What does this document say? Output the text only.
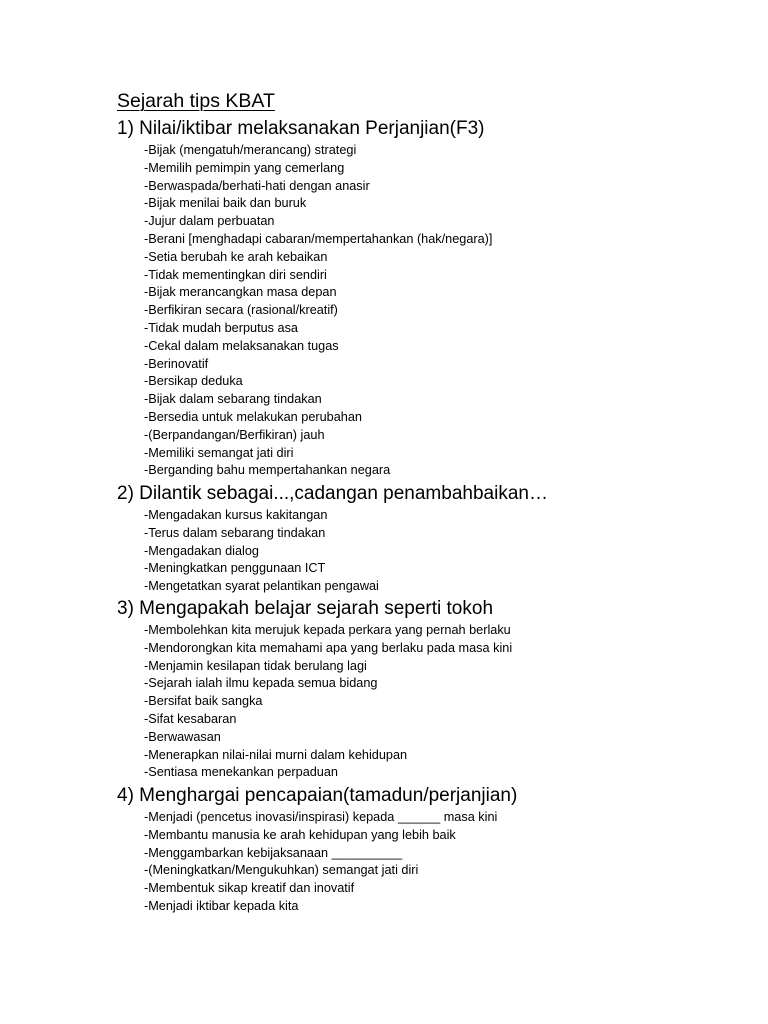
Sejarah tips KBAT
1) Nilai/iktibar melaksanakan Perjanjian(F3)
-Bijak (mengatuh/merancang) strategi
-Memilih pemimpin yang cemerlang
-Berwaspada/berhati-hati dengan anasir
-Bijak menilai baik dan buruk
-Jujur dalam perbuatan
-Berani [menghadapi cabaran/mempertahankan (hak/negara)]
-Setia berubah ke arah kebaikan
-Tidak mementingkan diri sendiri
-Bijak merancangkan masa depan
-Berfikiran secara (rasional/kreatif)
-Tidak mudah berputus asa
-Cekal dalam melaksanakan tugas
-Berinovatif
-Bersikap deduka
-Bijak dalam sebarang tindakan
-Bersedia untuk melakukan perubahan
-(Berpandangan/Berfikiran) jauh
-Memiliki semangat jati diri
-Berganding bahu mempertahankan negara
2) Dilantik sebagai...,cadangan penambahbaikan…
-Mengadakan kursus kakitangan
-Terus dalam sebarang tindakan
-Mengadakan dialog
-Meningkatkan penggunaan ICT
-Mengetatkan syarat pelantikan pengawai
3) Mengapakah belajar sejarah seperti tokoh
-Membolehkan kita merujuk kepada perkara yang pernah berlaku
-Mendorongkan kita memahami apa yang berlaku pada masa kini
-Menjamin kesilapan tidak berulang lagi
-Sejarah ialah ilmu kepada semua bidang
-Bersifat baik sangka
-Sifat kesabaran
-Berwawasan
-Menerapkan nilai-nilai murni dalam kehidupan
-Sentiasa menekankan perpaduan
4) Menghargai pencapaian(tamadun/perjanjian)
-Menjadi (pencetus inovasi/inspirasi) kepada ______ masa kini
-Membantu manusia ke arah kehidupan yang lebih baik
-Menggambarkan kebijaksanaan __________
-(Meningkatkan/Mengukuhkan) semangat jati diri
-Membentuk sikap kreatif dan inovatif
-Menjadi iktibar kepada kita
